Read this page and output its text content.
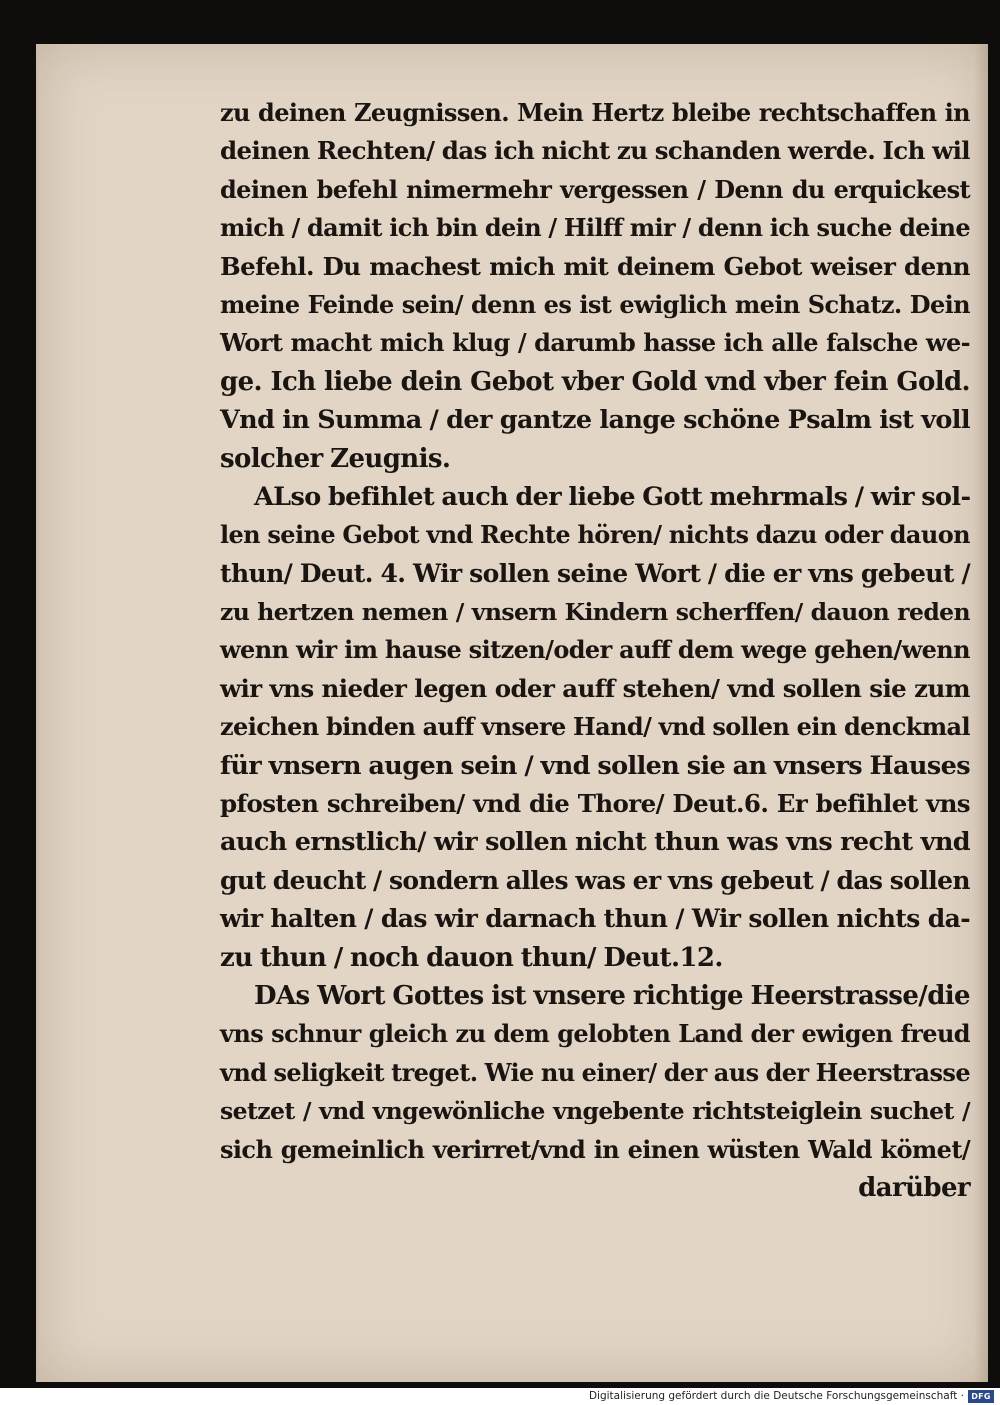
zu deinen Zeugnissen. Mein Hertz bleibe rechtschaffen in
deinen Rechten/ das ich nicht zu schanden werde. Ich wil
deinen befehl nimermehr vergessen / Denn du erquickest
mich / damit ich bin dein / Hilff mir / denn ich suche deine
Befehl. Du machest mich mit deinem Gebot weiser denn
meine Feinde sein/ denn es ist ewiglich mein Schatz. Dein
Wort macht mich klug / darumb hasse ich alle falsche we-
ge. Ich liebe dein Gebot vber Gold vnd vber fein Gold.
Vnd in Summa / der gantze lange schöne Psalm ist voll
solcher Zeugnis.
ALso befihlet auch der liebe Gott mehrmals / wir sol-
len seine Gebot vnd Rechte hören/ nichts dazu oder dauon
thun/ Deut. 4. Wir sollen seine Wort / die er vns gebeut /
zu hertzen nemen / vnsern Kindern scherffen/ dauon reden
wenn wir im hause sitzen/oder auff dem wege gehen/wenn
wir vns nieder legen oder auff stehen/ vnd sollen sie zum
zeichen binden auff vnsere Hand/ vnd sollen ein denckmal
für vnsern augen sein / vnd sollen sie an vnsers Hauses
pfosten schreiben/ vnd die Thore/ Deut.6. Er befihlet vns
auch ernstlich/ wir sollen nicht thun was vns recht vnd
gut deucht / sondern alles was er vns gebeut / das sollen
wir halten / das wir darnach thun / Wir sollen nichts da-
zu thun / noch dauon thun/ Deut.12.
DAs Wort Gottes ist vnsere richtige Heerstrasse/die
vns schnur gleich zu dem gelobten Land der ewigen freud
vnd seligkeit treget. Wie nu einer/ der aus der Heerstrasse
setzet / vnd vngewönliche vngebente richtsteiglein suchet /
sich gemeinlich verirret/vnd in einen wüsten Wald kömet/
darüber
Digitalisierung gefördert durch die Deutsche Forschungsgemeinschaft · DFG
